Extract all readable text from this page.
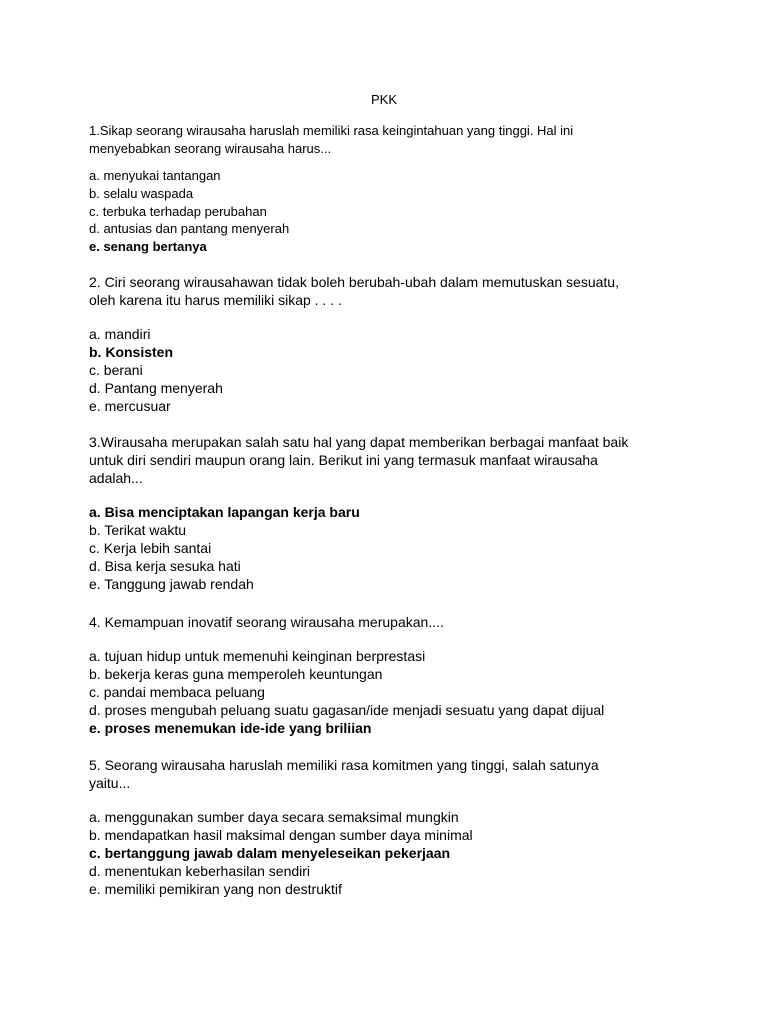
PKK

1.Sikap seorang wirausaha haruslah memiliki rasa keingintahuan yang tinggi. Hal ini
menyebabkan seorang wirausaha harus...

a. menyukai tantangan
b. selalu waspada
c. terbuka terhadap perubahan
d. antusias dan pantang menyerah
e. senang bertanya

2. Ciri seorang wirausahawan tidak boleh berubah-ubah dalam memutuskan sesuatu,
oleh karena itu harus memiliki sikap . . . .

a. mandiri
b. Konsisten
c. berani
d. Pantang menyerah
e. mercusuar

3.Wirausaha merupakan salah satu hal yang dapat memberikan berbagai manfaat baik
untuk diri sendiri maupun orang lain. Berikut ini yang termasuk manfaat wirausaha
adalah...

a. Bisa menciptakan lapangan kerja baru
b. Terikat waktu
c. Kerja lebih santai
d. Bisa kerja sesuka hati
e. Tanggung jawab rendah

4. Kemampuan inovatif seorang wirausaha merupakan....

a. tujuan hidup untuk memenuhi keinginan berprestasi
b. bekerja keras guna memperoleh keuntungan
c. pandai membaca peluang
d. proses mengubah peluang suatu gagasan/ide menjadi sesuatu yang dapat dijual
e. proses menemukan ide-ide yang briliian

5. Seorang wirausaha haruslah memiliki rasa komitmen yang tinggi, salah satunya
yaitu...

a. menggunakan sumber daya secara semaksimal mungkin
b. mendapatkan hasil maksimal dengan sumber daya minimal
c. bertanggung jawab dalam menyeleseikan pekerjaan
d. menentukan keberhasilan sendiri
e. memiliki pemikiran yang non destruktif
